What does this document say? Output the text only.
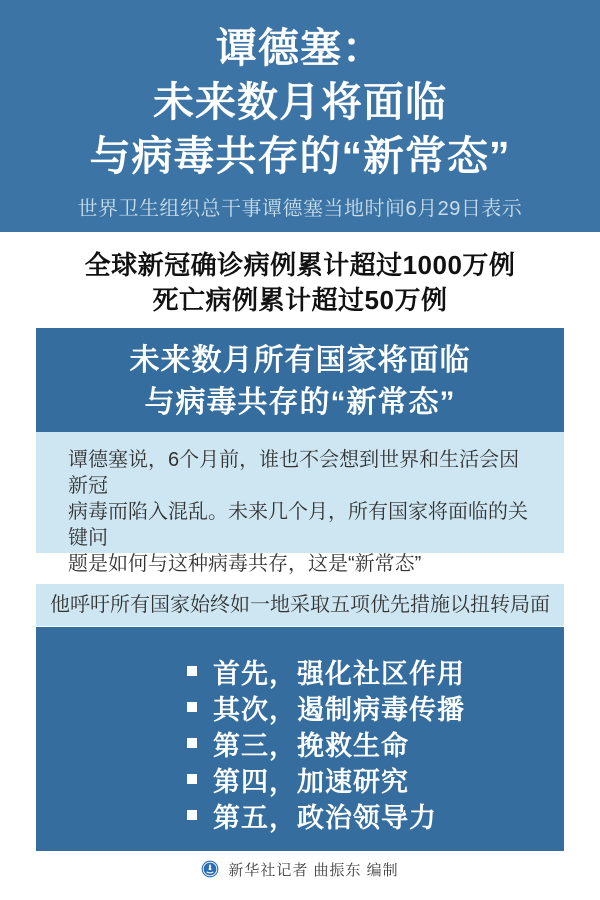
谭德塞：
未来数月将面临
与病毒共存的“新常态”
世界卫生组织总干事谭德塞当地时间6月29日表示
全球新冠确诊病例累计超过1000万例
死亡病例累计超过50万例
未来数月所有国家将面临
与病毒共存的“新常态”
谭德塞说，6个月前，谁也不会想到世界和生活会因新冠
病毒而陷入混乱。未来几个月，所有国家将面临的关键问
题是如何与这种病毒共存，这是“新常态”
他呼吁所有国家始终如一地采取五项优先措施以扭转局面
首先，强化社区作用
其次，遏制病毒传播
第三，挽救生命
第四，加速研究
第五，政治领导力
新华社记者 曲振东 编制
